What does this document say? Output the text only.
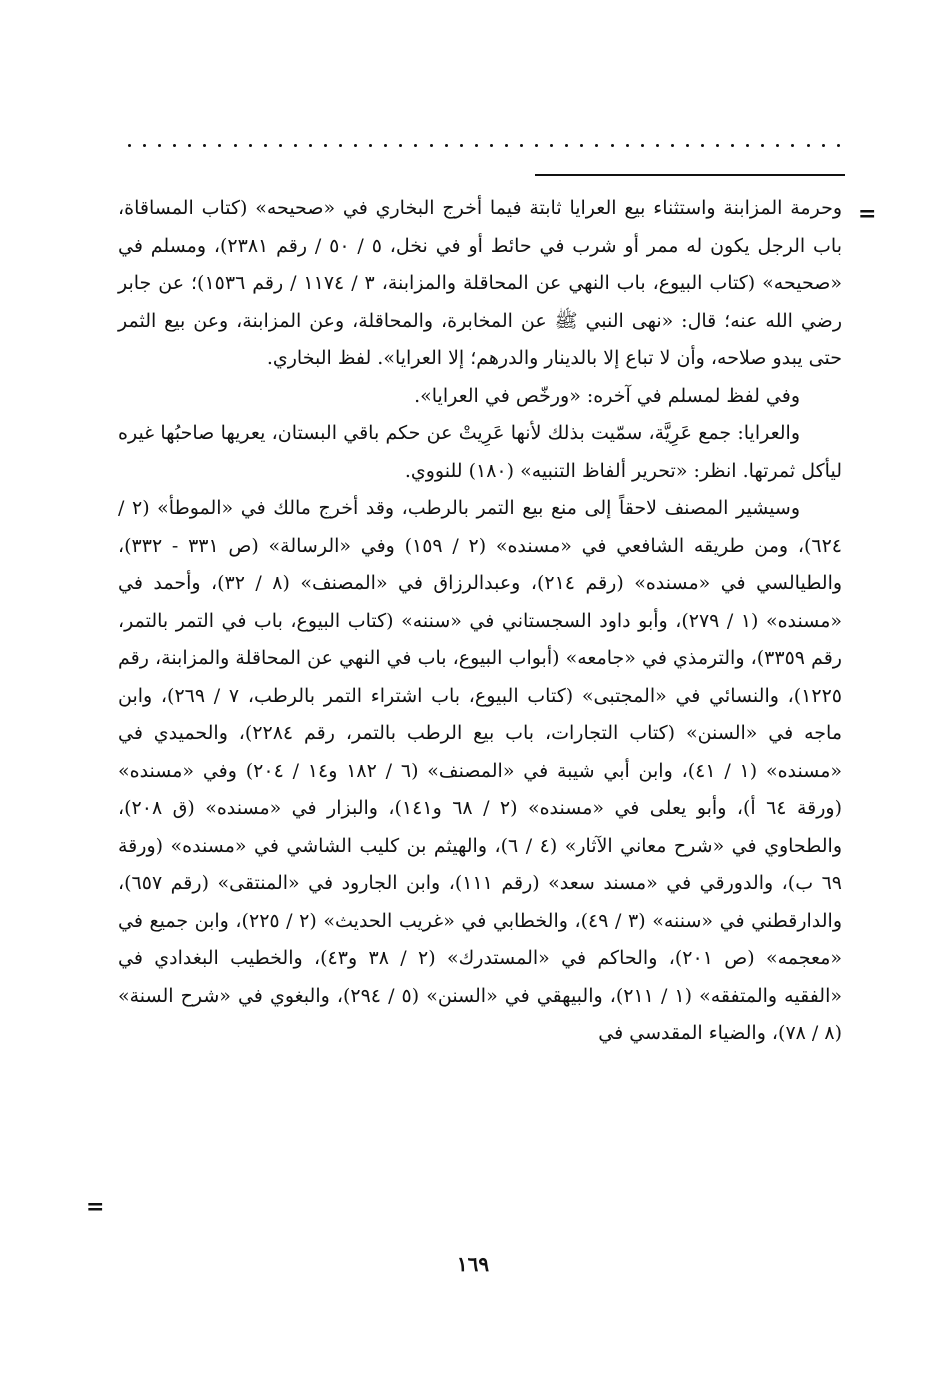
=

وحرمة المزابنة واستثناء بيع العرايا ثابتة فيما أخرج البخاري في «صحيحه» (كتاب المساقاة، باب الرجل يكون له ممر أو شرب في حائط أو في نخل، ٥ / ٥٠ / رقم ٢٣٨١)، ومسلم في «صحيحه» (كتاب البيوع، باب النهي عن المحاقلة والمزابنة، ٣ / ١١٧٤ / رقم ١٥٣٦)؛ عن جابر رضي الله عنه؛ قال: «نهى النبي ﷺ عن المخابرة، والمحاقلة، وعن المزابنة، وعن بيع الثمر حتى يبدو صلاحه، وأن لا تباع إلا بالدينار والدرهم؛ إلا العرايا». لفظ البخاري.

وفي لفظ لمسلم في آخره: «ورخّص في العرايا».

والعرايا: جمع عَرِيَّة، سمّيت بذلك لأنها عَرِيتْ عن حكم باقي البستان، يعريها صاحبُها غيره ليأكل ثمرتها. انظر: «تحرير ألفاظ التنبيه» (١٨٠) للنووي.

وسيشير المصنف لاحقاً إلى منع بيع التمر بالرطب، وقد أخرج مالك في «الموطأ» (٢ / ٦٢٤)، ومن طريقه الشافعي في «مسنده» (٢ / ١٥٩) وفي «الرسالة» (ص ٣٣١ - ٣٣٢)، والطيالسي في «مسنده» (رقم ٢١٤)، وعبدالرزاق في «المصنف» (٨ / ٣٢)، وأحمد في «مسنده» (١ / ٢٧٩)، وأبو داود السجستاني في «سننه» (كتاب البيوع، باب في التمر بالتمر، رقم ٣٣٥٩)، والترمذي في «جامعه» (أبواب البيوع، باب في النهي عن المحاقلة والمزابنة، رقم ١٢٢٥)، والنسائي في «المجتبى» (كتاب البيوع، باب اشتراء التمر بالرطب، ٧ / ٢٦٩)، وابن ماجه في «السنن» (كتاب التجارات، باب بيع الرطب بالتمر، رقم ٢٢٨٤)، والحميدي في «مسنده» (١ / ٤١)، وابن أبي شيبة في «المصنف» (٦ / ١٨٢ و١٤ / ٢٠٤) وفي «مسنده» (ورقة ٦٤ أ)، وأبو يعلى في «مسنده» (٢ / ٦٨ و١٤١)، والبزار في «مسنده» (ق ٢٠٨)، والطحاوي في «شرح معاني الآثار» (٤ / ٦)، والهيثم بن كليب الشاشي في «مسنده» (ورقة ٦٩ ب)، والدورقي في «مسند سعد» (رقم ١١١)، وابن الجارود في «المنتقى» (رقم ٦٥٧)، والدارقطني في «سننه» (٣ / ٤٩)، والخطابي في «غريب الحديث» (٢ / ٢٢٥)، وابن جميع في «معجمه» (ص ٢٠١)، والحاكم في «المستدرك» (٢ / ٣٨ و٤٣)، والخطيب البغدادي في «الفقيه والمتفقه» (١ / ٢١١)، والبيهقي في «السنن» (٥ / ٢٩٤)، والبغوي في «شرح السنة» (٨ / ٧٨)، والضياء المقدسي في

=
١٦٩
